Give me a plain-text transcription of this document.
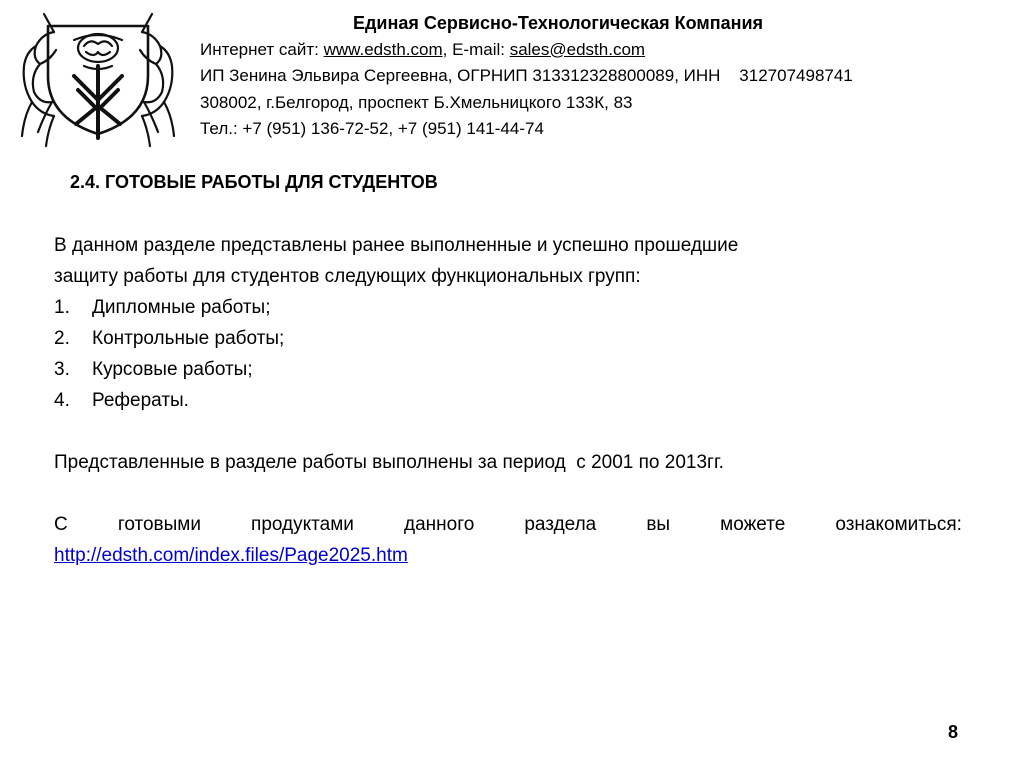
Единая Сервисно-Технологическая Компания
Интернет сайт: www.edsth.com, E-mail: sales@edsth.com
ИП Зенина Эльвира Сергеевна, ОГРНИП 313312328800089, ИНН    312707498741
308002, г.Белгород, проспект Б.Хмельницкого 133К, 83
Тел.: +7 (951) 136-72-52, +7 (951) 141-44-74
2.4. ГОТОВЫЕ РАБОТЫ ДЛЯ СТУДЕНТОВ

В данном разделе представлены ранее выполненные и успешно прошедшие

защиту работы для студентов следующих функциональных групп:

1.	Дипломные работы;
2.	Контрольные работы;
3.	Курсовые работы;
4.	Рефераты.

Представленные в разделе работы выполнены за период  с 2001 по 2013гг.

С	готовыми	продуктами	данного	раздела	вы	можете	ознакомиться:

http://edsth.com/index.files/Page2025.htm

8
